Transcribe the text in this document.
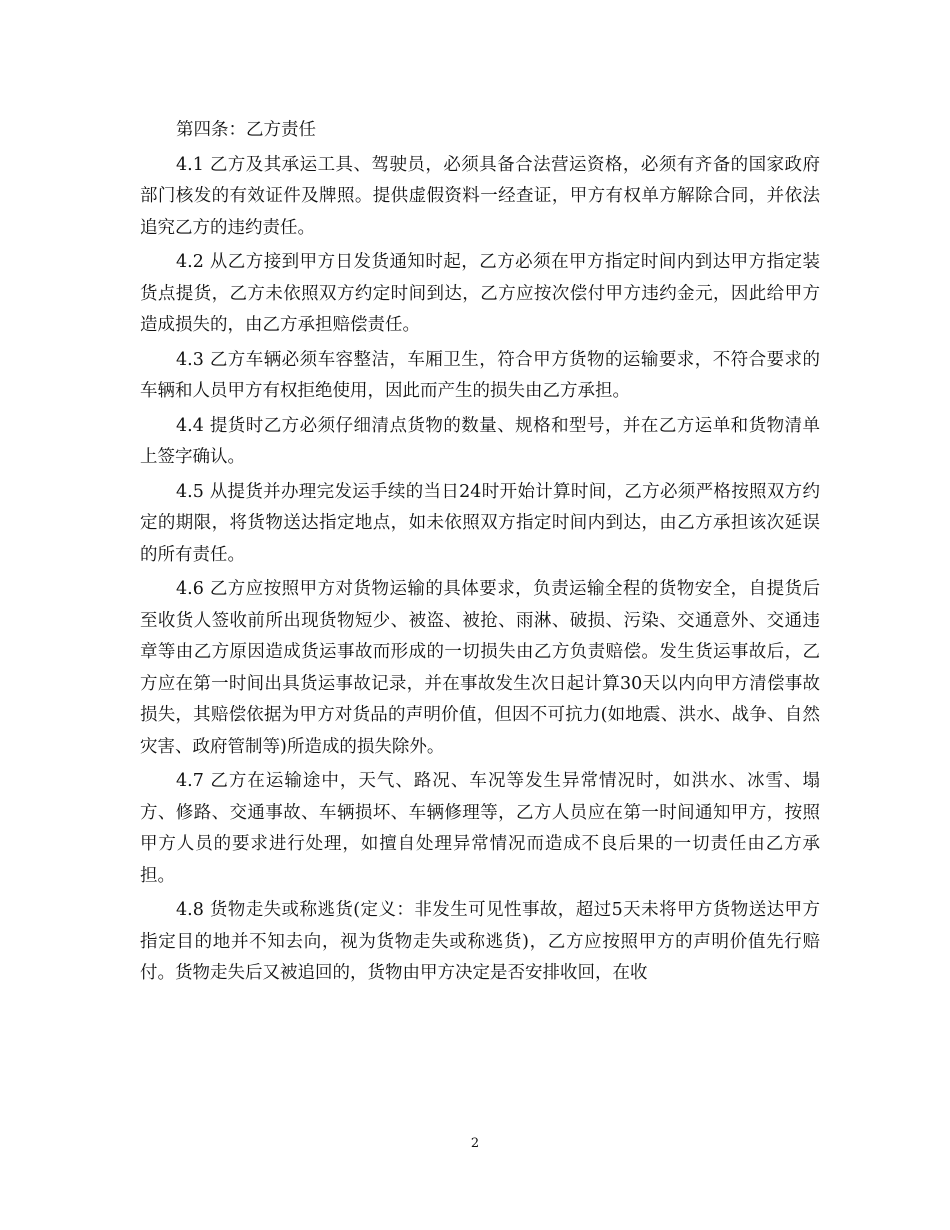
第四条：乙方责任

4.1 乙方及其承运工具、驾驶员，必须具备合法营运资格，必须有齐备的国家政府部门核发的有效证件及牌照。提供虚假资料一经查证，甲方有权单方解除合同，并依法追究乙方的违约责任。

4.2 从乙方接到甲方日发货通知时起，乙方必须在甲方指定时间内到达甲方指定装货点提货，乙方未依照双方约定时间到达，乙方应按次偿付甲方违约金元，因此给甲方造成损失的，由乙方承担赔偿责任。

4.3 乙方车辆必须车容整洁，车厢卫生，符合甲方货物的运输要求，不符合要求的车辆和人员甲方有权拒绝使用，因此而产生的损失由乙方承担。

4.4 提货时乙方必须仔细清点货物的数量、规格和型号，并在乙方运单和货物清单上签字确认。

4.5 从提货并办理完发运手续的当日24时开始计算时间，乙方必须严格按照双方约定的期限，将货物送达指定地点，如未依照双方指定时间内到达，由乙方承担该次延误的所有责任。

4.6 乙方应按照甲方对货物运输的具体要求，负责运输全程的货物安全，自提货后至收货人签收前所出现货物短少、被盗、被抢、雨淋、破损、污染、交通意外、交通违章等由乙方原因造成货运事故而形成的一切损失由乙方负责赔偿。发生货运事故后，乙方应在第一时间出具货运事故记录，并在事故发生次日起计算30天以内向甲方清偿事故损失，其赔偿依据为甲方对货品的声明价值，但因不可抗力(如地震、洪水、战争、自然灾害、政府管制等)所造成的损失除外。

4.7 乙方在运输途中，天气、路况、车况等发生异常情况时，如洪水、冰雪、塌方、修路、交通事故、车辆损坏、车辆修理等，乙方人员应在第一时间通知甲方，按照甲方人员的要求进行处理，如擅自处理异常情况而造成不良后果的一切责任由乙方承担。

4.8 货物走失或称逃货(定义：非发生可见性事故，超过5天未将甲方货物送达甲方指定目的地并不知去向，视为货物走失或称逃货)，乙方应按照甲方的声明价值先行赔付。货物走失后又被追回的，货物由甲方决定是否安排收回，在收

2
